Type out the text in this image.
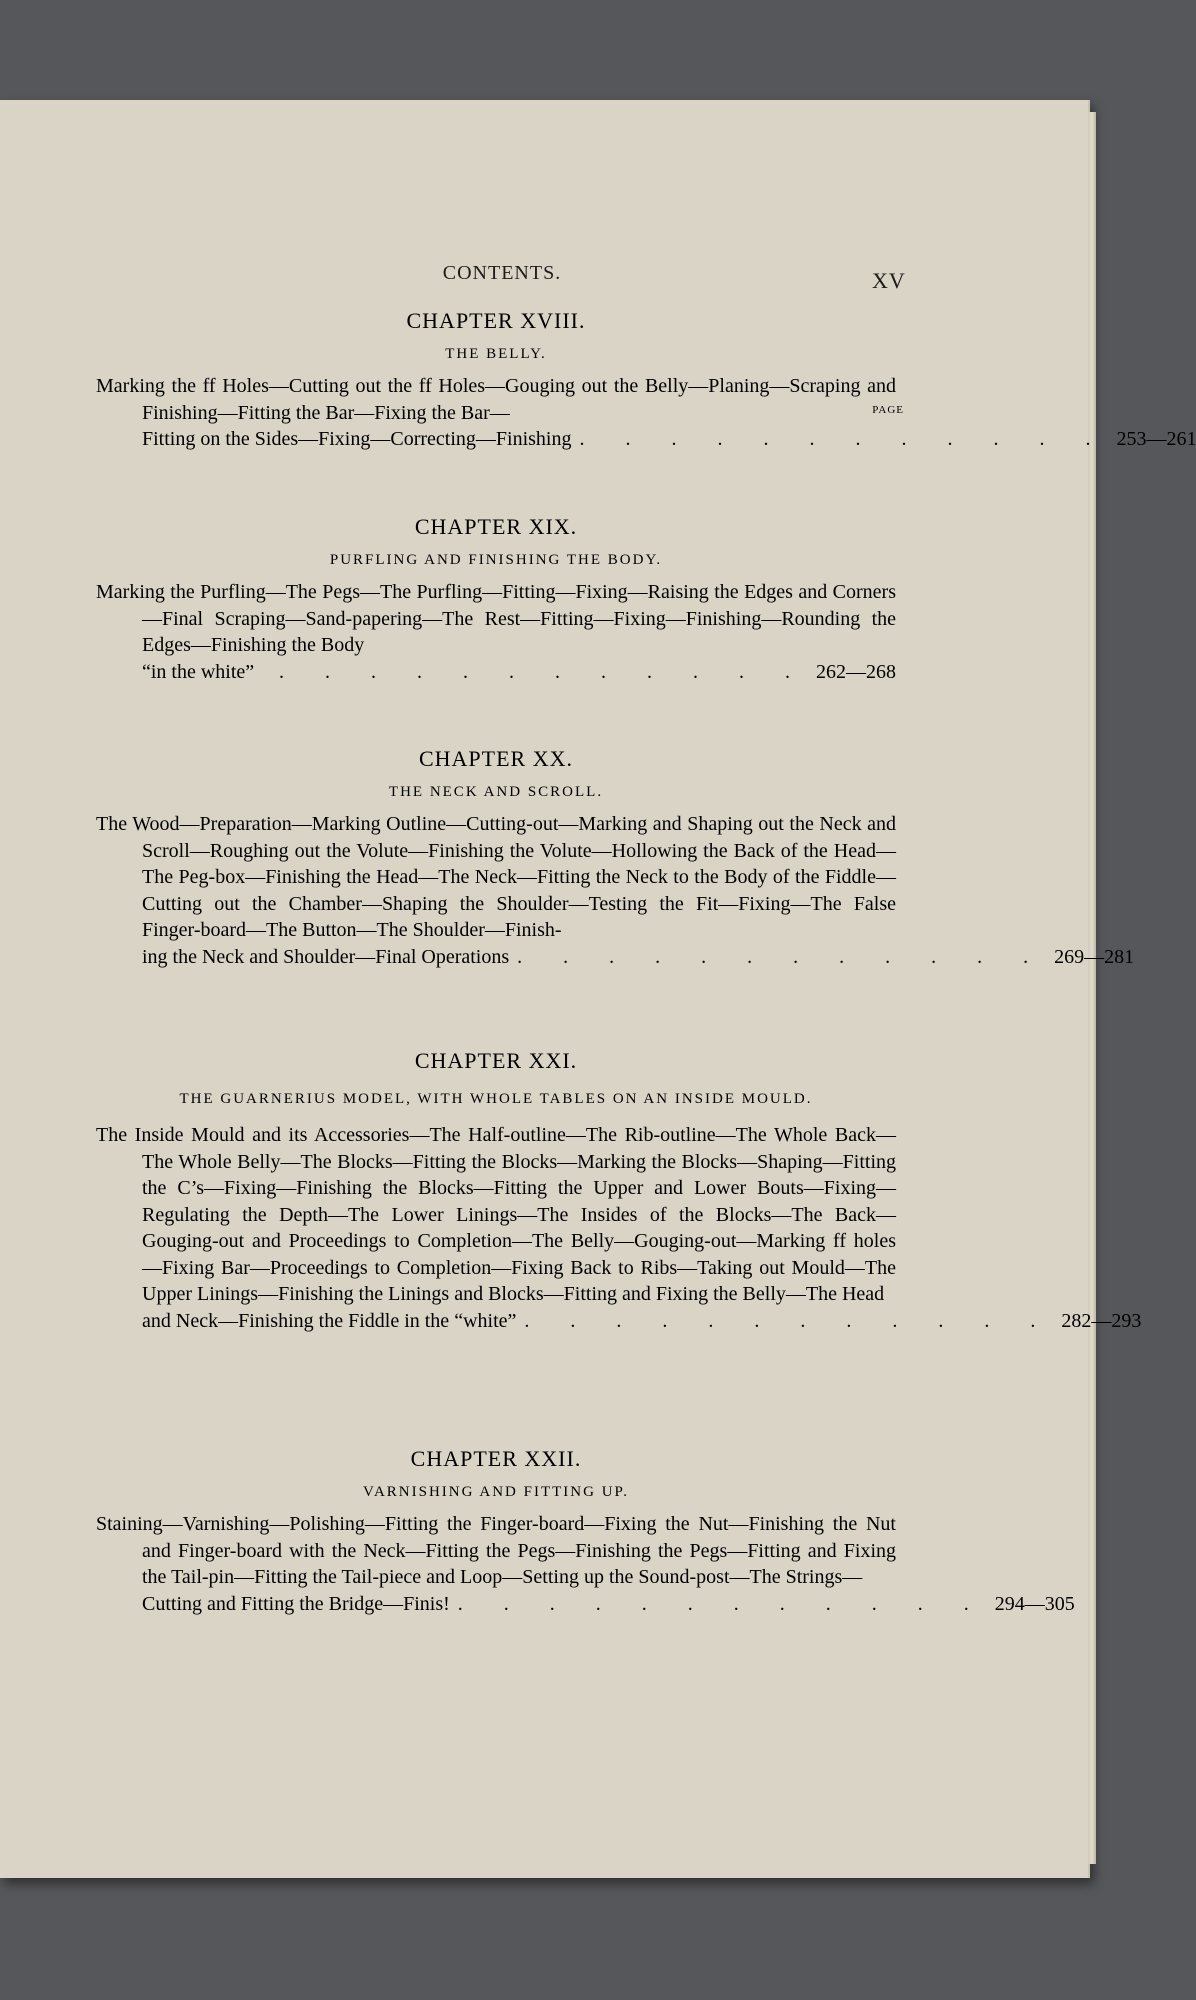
CONTENTS.	XV
CHAPTER XVIII.
THE BELLY.
PAGE

Marking the ff Holes—Cutting out the ff Holes—Gouging out the Belly—Planing—Scraping and Finishing—Fitting the Bar—Fixing the Bar—

Fitting on the Sides—Fixing—Correcting—Finishing . . . . . . . . . . . . 253—261
CHAPTER XIX.
PURFLING AND FINISHING THE BODY.

Marking the Purfling—The Pegs—The Purfling—Fitting—Fixing—Raising the Edges and Corners—Final Scraping—Sand-papering—The Rest—Fitting—Fixing—Finishing—Rounding the Edges—Finishing the Body

“in the white”	. . . . . . . . . . . . 262—268
CHAPTER XX.
THE NECK AND SCROLL.

The Wood—Preparation—Marking Outline—Cutting-out—Marking and Shaping out the Neck and Scroll—Roughing out the Volute—Finishing the Volute—Hollowing the Back of the Head—The Peg-box—Finishing the Head—The Neck—Fitting the Neck to the Body of the Fiddle—Cutting out the Chamber—Shaping the Shoulder—Testing the Fit—Fixing—The False Finger-board—The Button—The Shoulder—Finish-

ing the Neck and Shoulder—Final Operations . . . . . . . . . . . . 269—281
CHAPTER XXI.
THE GUARNERIUS MODEL, WITH WHOLE TABLES ON AN INSIDE MOULD.

The Inside Mould and its Accessories—The Half-outline—The Rib-outline—The Whole Back—The Whole Belly—The Blocks—Fitting the Blocks—Marking the Blocks—Shaping—Fitting the C’s—Fixing—Finishing the Blocks—Fitting the Upper and Lower Bouts—Fixing—Regulating the Depth—The Lower Linings—The Insides of the Blocks—The Back—Gouging-out and Proceedings to Completion—The Belly—Gouging-out—Marking ff holes—Fixing Bar—Proceedings to Completion—Fixing Back to Ribs—Taking out Mould—The Upper Linings—Finishing the Linings and Blocks—Fitting and Fixing the Belly—The Head

and Neck—Finishing the Fiddle in the “white” . . . . . . . . . . . . 282—293
CHAPTER XXII.
VARNISHING AND FITTING UP.

Staining—Varnishing—Polishing—Fitting the Finger-board—Fixing the Nut—Finishing the Nut and Finger-board with the Neck—Fitting the Pegs—Finishing the Pegs—Fitting and Fixing the Tail-pin—Fitting the Tail-piece and Loop—Setting up the Sound-post—The Strings—

Cutting and Fitting the Bridge—Finis! . . . . . . . . . . . . 294—305
